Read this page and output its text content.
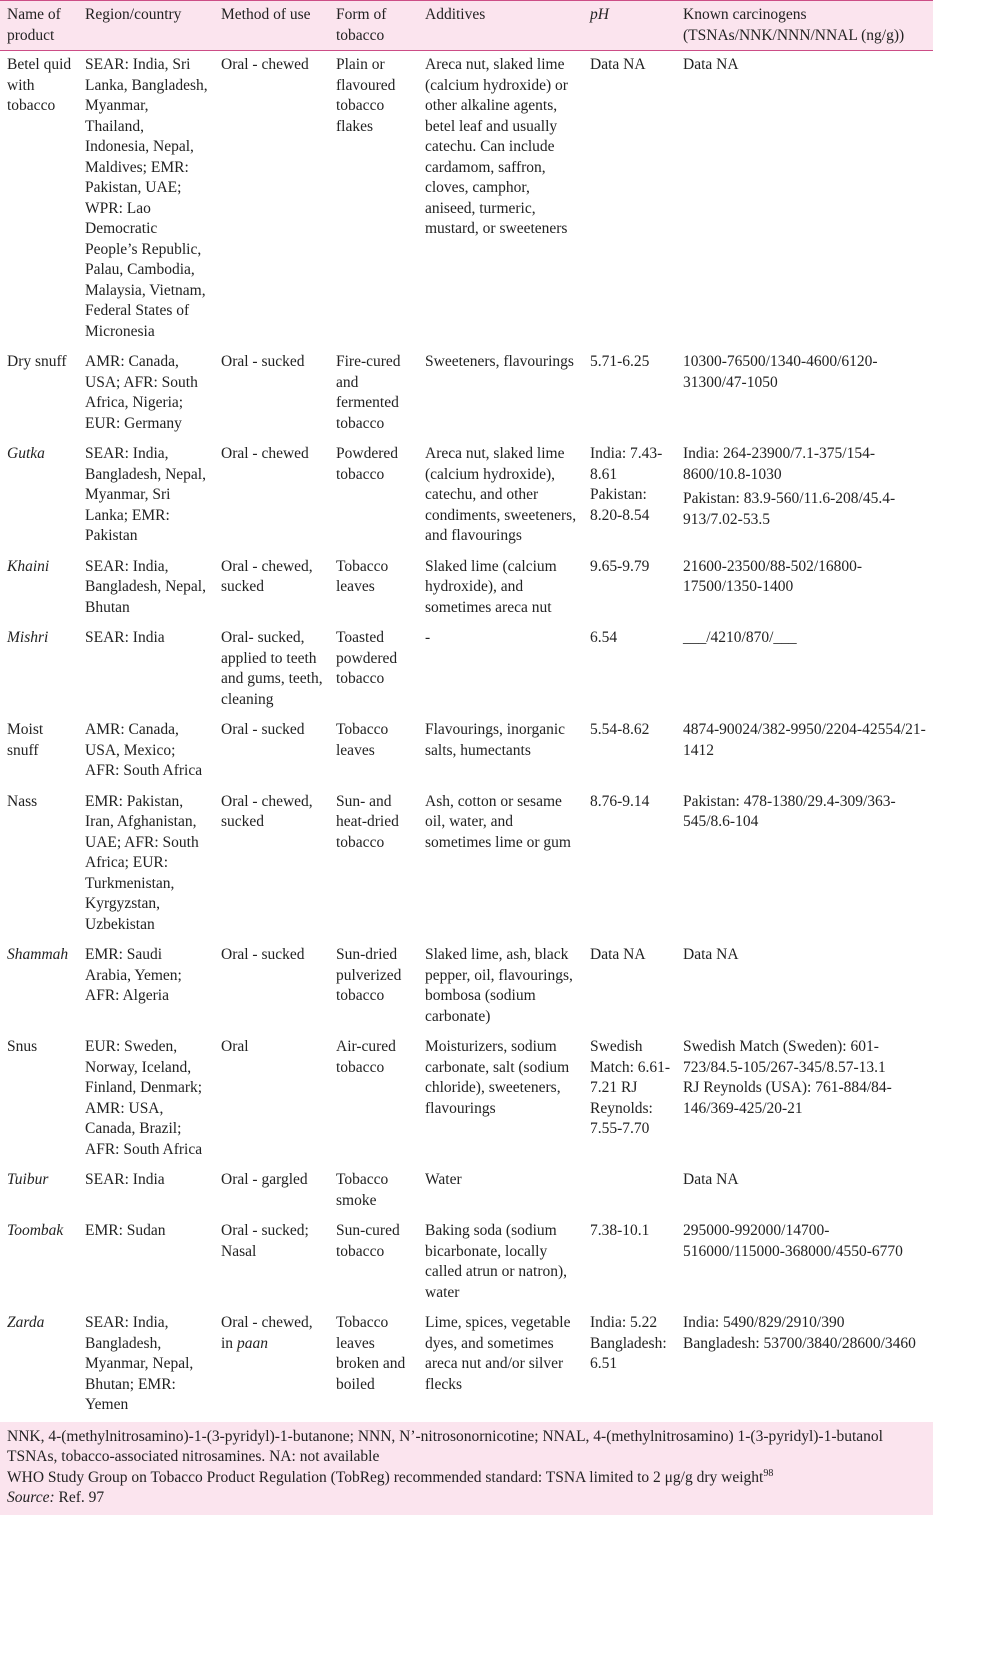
Name of product	Region/country	Method of use	Form of tobacco	Additives	pH	Known carcinogens (TSNAs/NNK/NNN/NNAL (ng/g))
Betel quid with tobacco	SEAR: India, Sri Lanka, Bangladesh, Myanmar, Thailand, Indonesia, Nepal, Maldives; EMR: Pakistan, UAE; WPR: Lao Democratic People’s Republic, Palau, Cambodia, Malaysia, Vietnam, Federal States of Micronesia	Oral - chewed	Plain or flavoured tobacco flakes	Areca nut, slaked lime (calcium hydroxide) or other alkaline agents, betel leaf and usually catechu. Can include cardamom, saffron, cloves, camphor, aniseed, turmeric, mustard, or sweeteners	Data NA	Data NA
Dry snuff	AMR: Canada, USA; AFR: South Africa, Nigeria; EUR: Germany	Oral - sucked	Fire-cured and fermented tobacco	Sweeteners, flavourings	5.71-6.25	10300-76500/1340-4600/6120-31300/47-1050
Gutka	SEAR: India, Bangladesh, Nepal, Myanmar, Sri Lanka; EMR: Pakistan	Oral - chewed	Powdered tobacco	Areca nut, slaked lime (calcium hydroxide), catechu, and other condiments, sweeteners, and flavourings	India: 7.43-8.61 Pakistan: 8.20-8.54	India: 264-23900/7.1-375/154-8600/10.8-1030
Pakistan: 83.9-560/11.6-208/45.4-913/7.02-53.5

Khaini	SEAR: India, Bangladesh, Nepal, Bhutan	Oral - chewed, sucked	Tobacco leaves	Slaked lime (calcium hydroxide), and sometimes areca nut	9.65-9.79	21600-23500/88-502/16800-17500/1350-1400
Mishri	SEAR: India	Oral- sucked, applied to teeth and gums, teeth, cleaning	Toasted powdered tobacco	-	6.54	___/4210/870/___
Moist snuff	AMR: Canada, USA, Mexico; AFR: South Africa	Oral - sucked	Tobacco leaves	Flavourings, inorganic salts, humectants	5.54-8.62	4874-90024/382-9950/2204-42554/21-1412
Nass	EMR: Pakistan, Iran, Afghanistan, UAE; AFR: South Africa; EUR: Turkmenistan, Kyrgyzstan, Uzbekistan	Oral - chewed, sucked	Sun- and heat-dried tobacco	Ash, cotton or sesame oil, water, and sometimes lime or gum	8.76-9.14	Pakistan: 478-1380/29.4-309/363-545/8.6-104
Shammah	EMR: Saudi Arabia, Yemen; AFR: Algeria	Oral - sucked	Sun-dried pulverized tobacco	Slaked lime, ash, black pepper, oil, flavourings, bombosa (sodium carbonate)	Data NA	Data NA
Snus	EUR: Sweden, Norway, Iceland, Finland, Denmark; AMR: USA, Canada, Brazil; AFR: South Africa	Oral	Air-cured tobacco	Moisturizers, sodium carbonate, salt (sodium chloride), sweeteners, flavourings	Swedish Match: 6.61-7.21 RJ Reynolds: 7.55-7.70	Swedish Match (Sweden): 601-723/84.5-105/267-345/8.57-13.1
RJ Reynolds (USA): 761-884/84-146/369-425/20-21

Tuibur	SEAR: India	Oral - gargled	Tobacco smoke	Water		Data NA
Toombak	EMR: Sudan	Oral - sucked; Nasal	Sun-cured tobacco	Baking soda (sodium bicarbonate, locally called atrun or natron), water	7.38-10.1	295000-992000/14700-516000/115000-368000/4550-6770
Zarda	SEAR: India, Bangladesh, Myanmar, Nepal, Bhutan; EMR: Yemen	Oral - chewed, in paan	Tobacco leaves broken and boiled	Lime, spices, vegetable dyes, and sometimes areca nut and/or silver flecks	India: 5.22 Bangladesh: 6.51	India: 5490/829/2910/390
Bangladesh: 53700/3840/28600/3460

NNK, 4-(methylnitrosamino)-1-(3-pyridyl)-1-butanone; NNN, N’-nitrosonornicotine; NNAL, 4-(methylnitrosamino) 1-(3-pyridyl)-1-butanol TSNAs, tobacco-associated nitrosamines. NA: not available
WHO Study Group on Tobacco Product Regulation (TobReg) recommended standard: TSNA limited to 2 μg/g dry weight$^{98}$
Source: Ref. 97						
